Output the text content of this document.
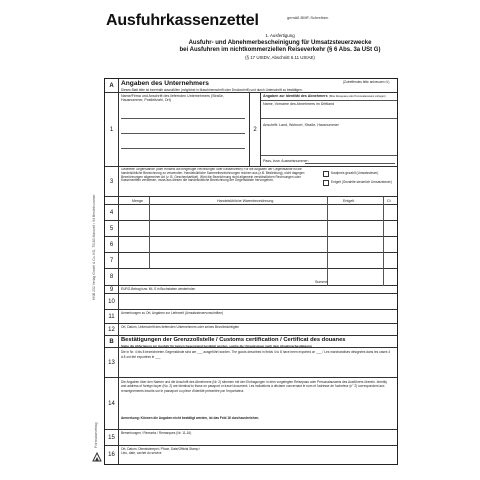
Ausfuhrkassenzettel	gemäß BMF-Schreiben
1. Ausfertigung
Ausfuhr- und Abnehmerbescheinigung für Umsatzsteuerzwecke
bei Ausfuhren im nichtkommerziellen Reiseverkehr (§ 6 Abs. 3a USt G)
(§ 17 UStDV, Abschnitt 6.11 UStAE)
HNB 232 Verlag GmbH & Co. KG, 75183 Marxzell • 94 Bestellnummer
Formularverlag
A	Angaben des Unternehmers	(Zutreffendes bitte ankreuzen ☒)
Dieses Blatt bitte ist innerhalb auszufüllen (möglichst in Maschinenschrift oder Druckschrift) und durch Unterschrift zu bestätigen.
1
Name/Firma und Anschrift des liefernden Unternehmers (Straße, Hausnummer, Postleitzahl, Ort)
2
Angaben zur Identität des Abnehmers (Bitte Reisepass oder Personalausweis vorlegen)
Name, Vorname des Abnehmers im Drittland
Anschrift: Land, Wohnort, Straße, Hausnummer
Pass- bzw. Ausweisnummer:
3
Gelieferte Gegenstände (oder Hinweis auf beigefügte Rechnungen oder Kassenzettel) Für die Angaben der Gegenstände ist die handelsübliche Bezeichnung zu verwenden. Handelsübliche Sammelbezeichnungen reichen aus (z.B. Bekleidung), nicht dagegen Bezeichnungen allgemeiner Art (z. B. Geschenkartikel). Wird die Bezeichnung nicht allgemein verständlichen Rechnungen oder Kassenzetteln verwiesen, muss aus diesen die handelsübliche Bezeichnung der Gegenstände hervorgehen.
Kaufpreis gezahlt (Umsatzsteuer)
Entgelt (Gezahlte steuerlich Umsatzsteuer)
Menge	Handelsübliche Warenbezeichnung	Entgelt	Ct
4
5
6
7
8
Summe
9	EURO-Betrag bzw. ML S in Buchstaben wiederholen
10
11
Anmerkungen zu Ort, Angaben zur Lieferzeit (Umsatzsteuervorschriften)
12	Ort, Datum, Unterschrift des liefernden Unternehmers oder seines Bevollmächtigten
B	Bestätigungen der Grenzzollstelle / Customs certification / Certificat des douanes
Siehe die Abfertigung zur Ausfuhr für keinen Gegenstand bestätigt werden, solche die Umsatzsteuer nach dem Abnehmerbestätigung
13
Die in Nr. 4 bis 8 bezeichneten Gegenstände sind am ___ ausgeführt worden. The goods described in fields 4 to 8 have been exported on ___ / Les marchandises désignées dans les cases 4 à 8 ont été exportées le ___
14
Die Angaben über den Namen und die Anschrift des Abnehmers (Nr. 2) stimmen mit den Eintragungen in dem vorgelegten Reisepass oder Personalausweis des Ausführers überein. Identity and address of foreign buyer (No. 2) are identical to those on passport or travel document. Les indications à déclarer concernant le nom et l'adresse de l'acheteur (n° 2) correspondent aux renseignements inscrits sur le passeport ou pièce d'identité présentée par l'exportateur.
Anmerkung: Können die Angaben nicht bestätigt werden, ist das Feld 16 durchzustreichen.
15
Bemerkungen / Remarks / Remarques (Nr. 11-16)
16
Ort, Datum, Dienststempel / Place, Date/Official Stamp / Lieu, date, cachet du service
